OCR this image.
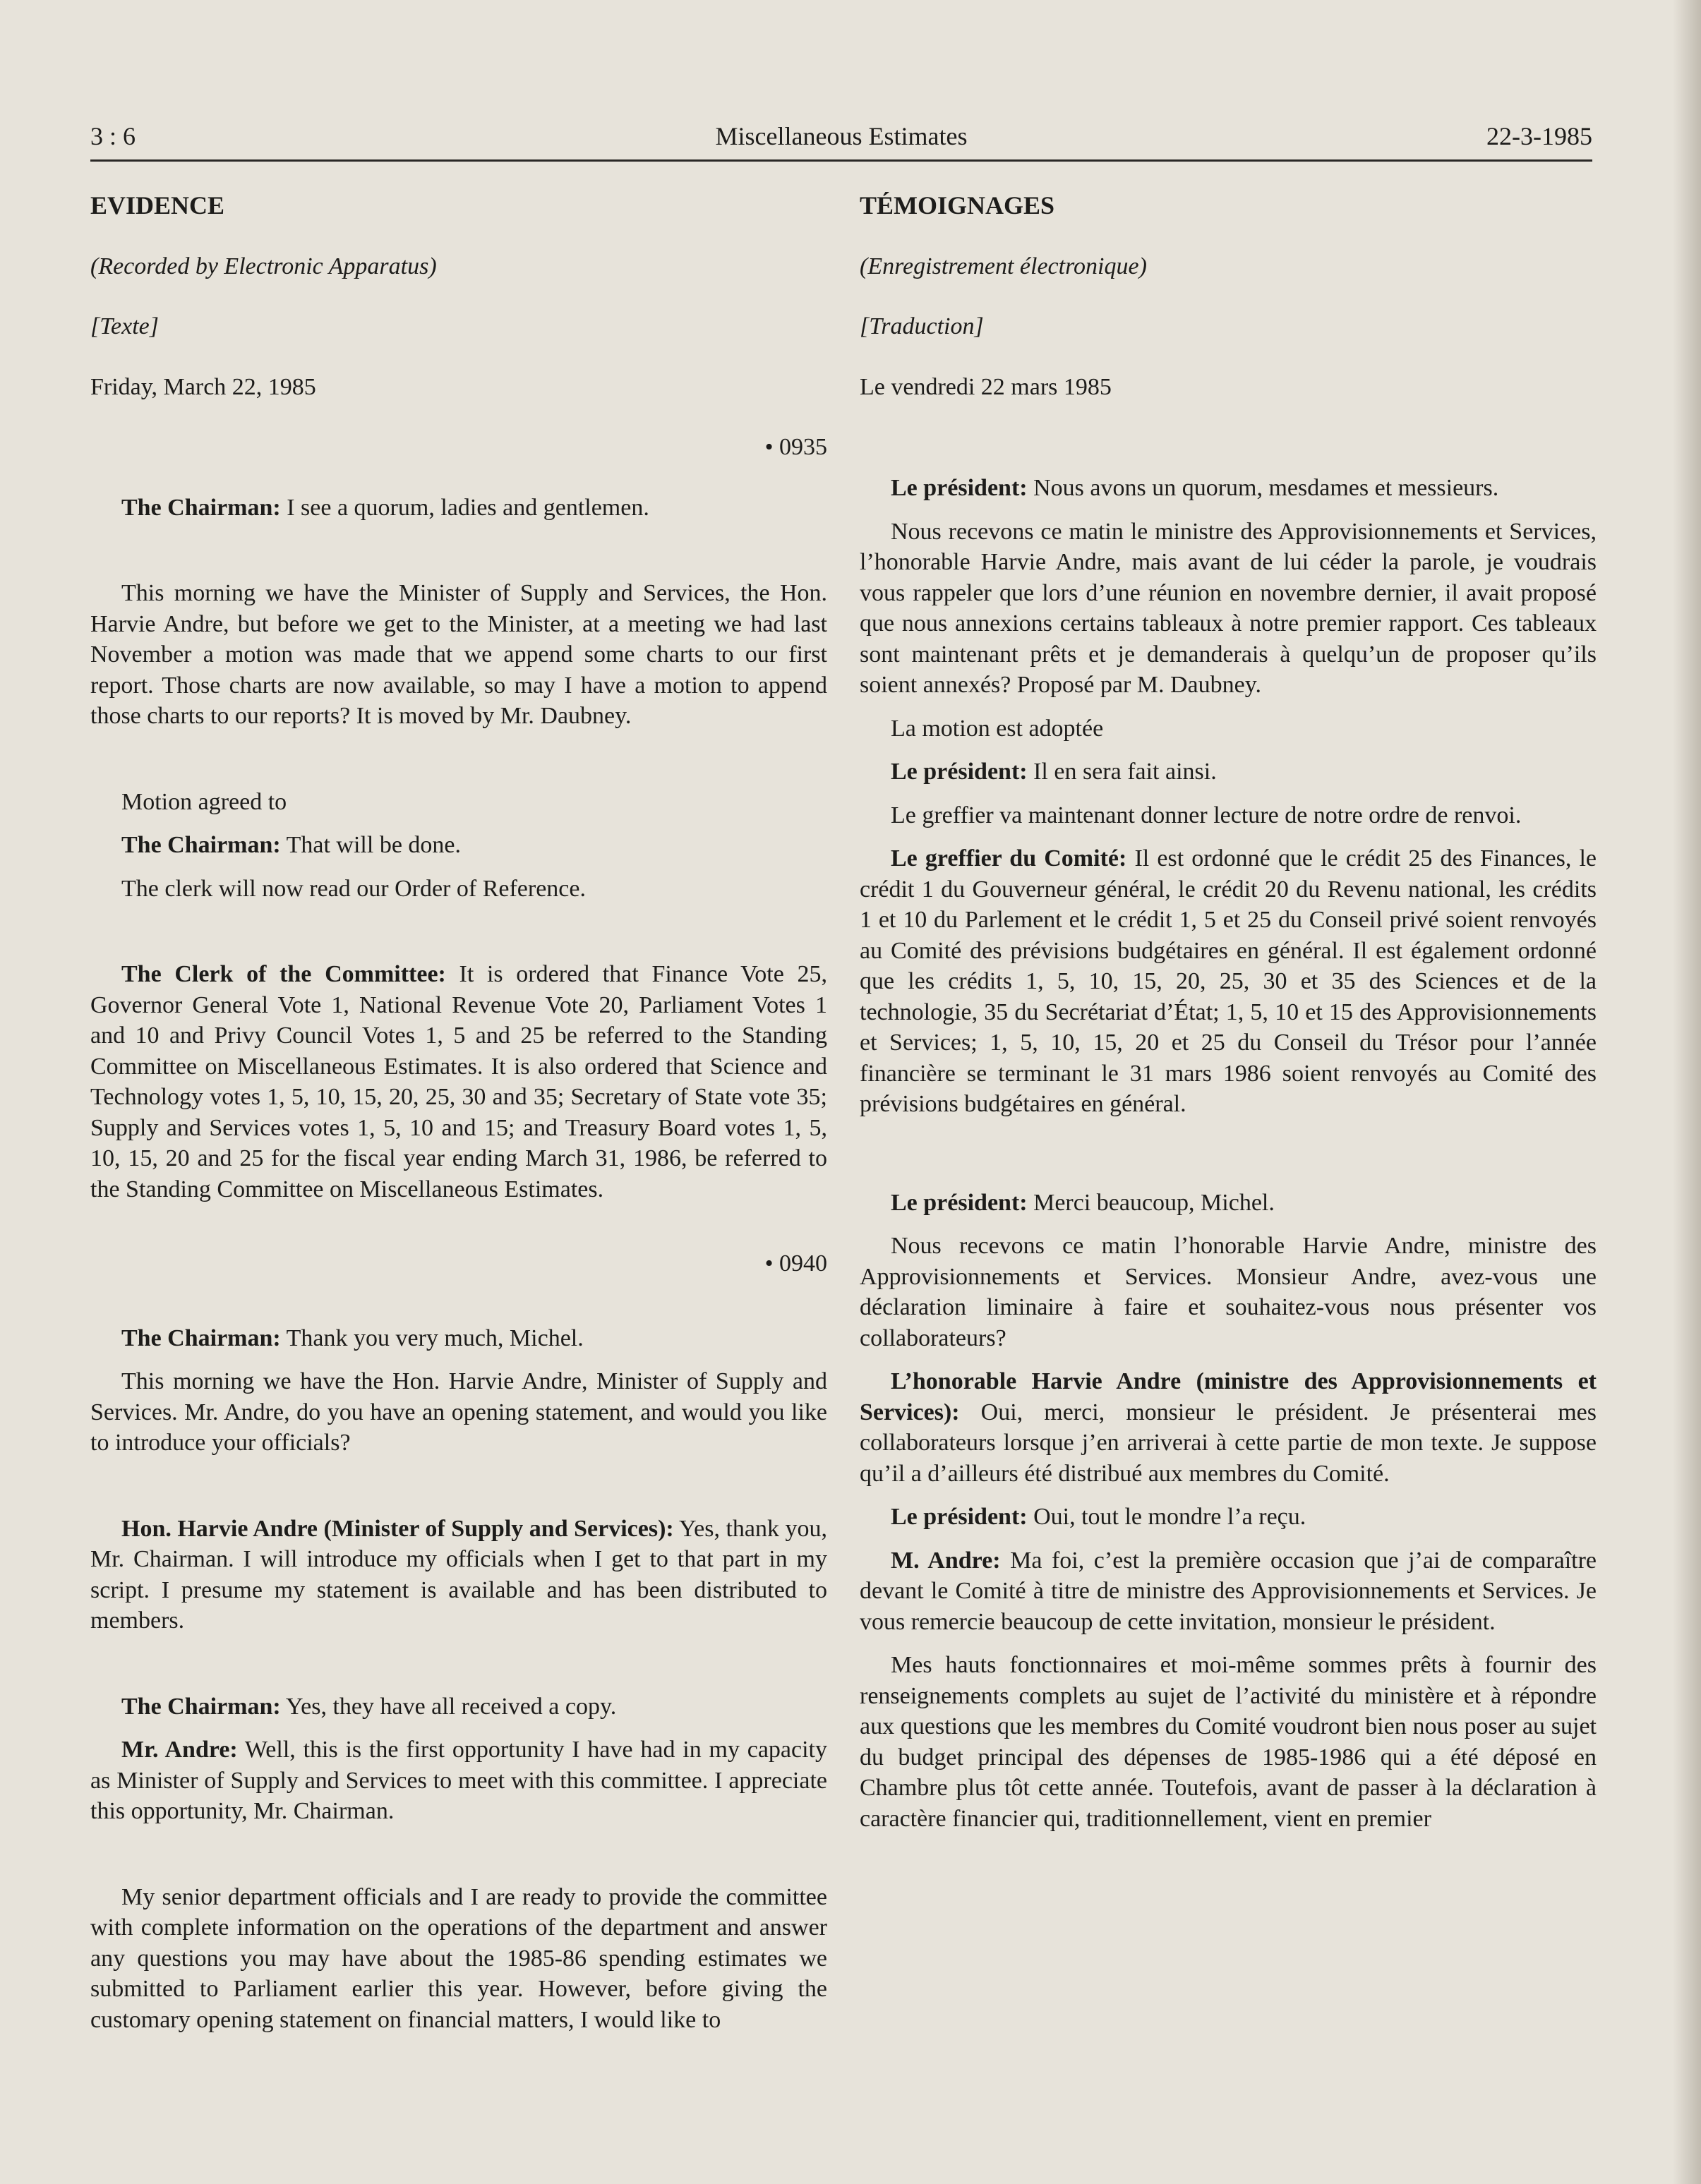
3 : 6	Miscellaneous Estimates	22-3-1985

EVIDENCE

(Recorded by Electronic Apparatus)

[Texte]

Friday, March 22, 1985

• 0935

The Chairman: I see a quorum, ladies and gentlemen.

This morning we have the Minister of Supply and Services, the Hon. Harvie Andre, but before we get to the Minister, at a meeting we had last November a motion was made that we append some charts to our first report. Those charts are now available, so may I have a motion to append those charts to our reports? It is moved by Mr. Daubney.

Motion agreed to

The Chairman: That will be done.

The clerk will now read our Order of Reference.

The Clerk of the Committee: It is ordered that Finance Vote 25, Governor General Vote 1, National Revenue Vote 20, Parliament Votes 1 and 10 and Privy Council Votes 1, 5 and 25 be referred to the Standing Committee on Miscellaneous Estimates. It is also ordered that Science and Technology votes 1, 5, 10, 15, 20, 25, 30 and 35; Secretary of State vote 35; Supply and Services votes 1, 5, 10 and 15; and Treasury Board votes 1, 5, 10, 15, 20 and 25 for the fiscal year ending March 31, 1986, be referred to the Standing Committee on Miscellaneous Estimates.

• 0940

The Chairman: Thank you very much, Michel.

This morning we have the Hon. Harvie Andre, Minister of Supply and Services. Mr. Andre, do you have an opening statement, and would you like to introduce your officials?

Hon. Harvie Andre (Minister of Supply and Services): Yes, thank you, Mr. Chairman. I will introduce my officials when I get to that part in my script. I presume my statement is available and has been distributed to members.

The Chairman: Yes, they have all received a copy.

Mr. Andre: Well, this is the first opportunity I have had in my capacity as Minister of Supply and Services to meet with this committee. I appreciate this opportunity, Mr. Chairman.

My senior department officials and I are ready to provide the committee with complete information on the operations of the department and answer any questions you may have about the 1985-86 spending estimates we submitted to Parliament earlier this year. However, before giving the customary opening statement on financial matters, I would like to

TÉMOIGNAGES

(Enregistrement électronique)

[Traduction]

Le vendredi 22 mars 1985

Le président: Nous avons un quorum, mesdames et messieurs.

Nous recevons ce matin le ministre des Approvisionnements et Services, l’honorable Harvie Andre, mais avant de lui céder la parole, je voudrais vous rappeler que lors d’une réunion en novembre dernier, il avait proposé que nous annexions certains tableaux à notre premier rapport. Ces tableaux sont maintenant prêts et je demanderais à quelqu’un de proposer qu’ils soient annexés? Proposé par M. Daubney.

La motion est adoptée

Le président: Il en sera fait ainsi.

Le greffier va maintenant donner lecture de notre ordre de renvoi.

Le greffier du Comité: Il est ordonné que le crédit 25 des Finances, le crédit 1 du Gouverneur général, le crédit 20 du Revenu national, les crédits 1 et 10 du Parlement et le crédit 1, 5 et 25 du Conseil privé soient renvoyés au Comité des prévisions budgétaires en général. Il est également ordonné que les crédits 1, 5, 10, 15, 20, 25, 30 et 35 des Sciences et de la technologie, 35 du Secrétariat d’État; 1, 5, 10 et 15 des Approvisionnements et Services; 1, 5, 10, 15, 20 et 25 du Conseil du Trésor pour l’année financière se terminant le 31 mars 1986 soient renvoyés au Comité des prévisions budgétaires en général.

Le président: Merci beaucoup, Michel.

Nous recevons ce matin l’honorable Harvie Andre, ministre des Approvisionnements et Services. Monsieur Andre, avez-vous une déclaration liminaire à faire et souhaitez-vous nous présenter vos collaborateurs?

L’honorable Harvie Andre (ministre des Approvisionnements et Services): Oui, merci, monsieur le président. Je présenterai mes collaborateurs lorsque j’en arriverai à cette partie de mon texte. Je suppose qu’il a d’ailleurs été distribué aux membres du Comité.

Le président: Oui, tout le mondre l’a reçu.

M. Andre: Ma foi, c’est la première occasion que j’ai de comparaître devant le Comité à titre de ministre des Approvisionnements et Services. Je vous remercie beaucoup de cette invitation, monsieur le président.

Mes hauts fonctionnaires et moi-même sommes prêts à fournir des renseignements complets au sujet de l’activité du ministère et à répondre aux questions que les membres du Comité voudront bien nous poser au sujet du budget principal des dépenses de 1985-1986 qui a été déposé en Chambre plus tôt cette année. Toutefois, avant de passer à la déclaration à caractère financier qui, traditionnellement, vient en premier
